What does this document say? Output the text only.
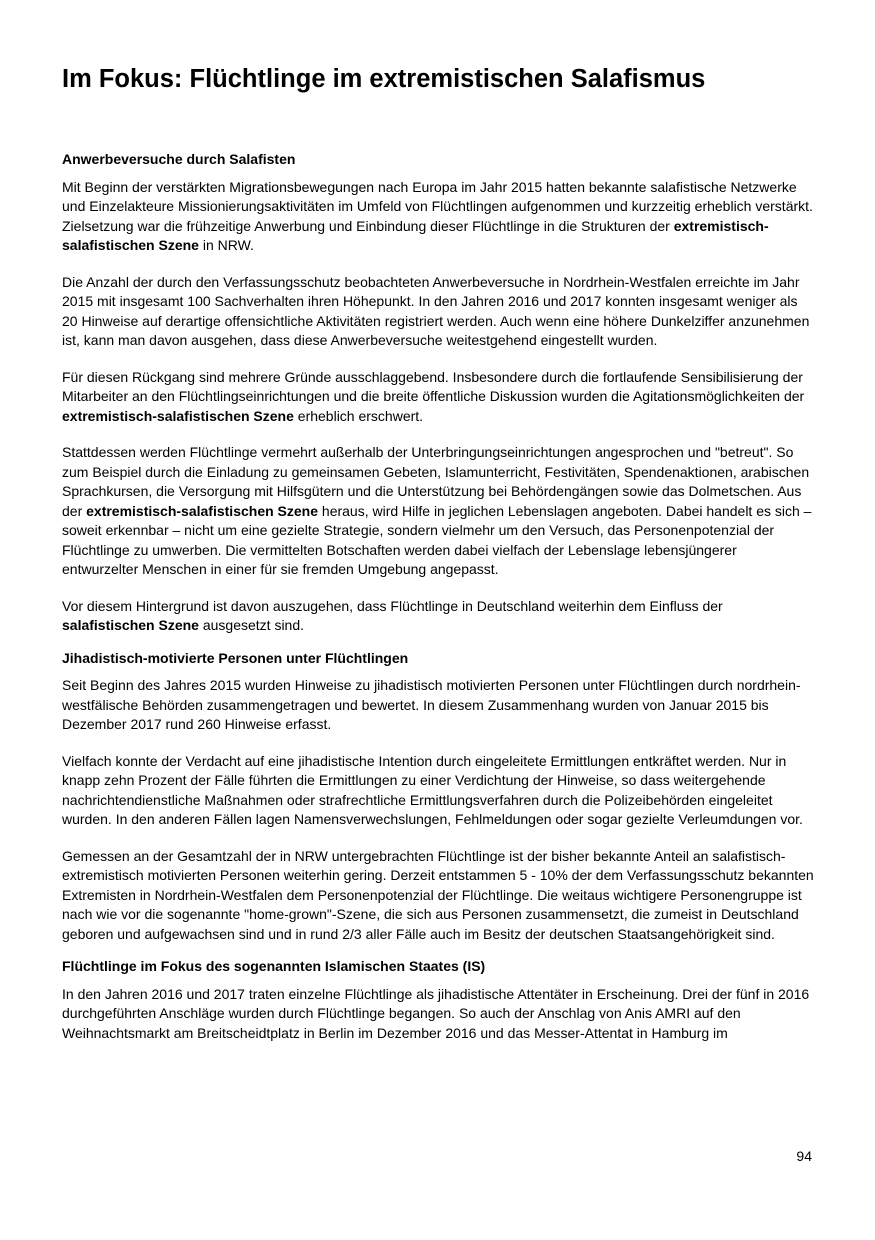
Im Fokus: Flüchtlinge im extremistischen Salafismus
Anwerbeversuche durch Salafisten

Mit Beginn der verstärkten Migrationsbewegungen nach Europa im Jahr 2015 hatten bekannte salafistische Netzwerke und Einzelakteure Missionierungsaktivitäten im Umfeld von Flüchtlingen aufgenommen und kurzzeitig erheblich verstärkt. Zielsetzung war die frühzeitige Anwerbung und Einbindung dieser Flüchtlinge in die Strukturen der extremistisch-salafistischen Szene in NRW.

Die Anzahl der durch den Verfassungsschutz beobachteten Anwerbeversuche in Nordrhein-Westfalen erreichte im Jahr 2015 mit insgesamt 100 Sachverhalten ihren Höhepunkt. In den Jahren 2016 und 2017 konnten insgesamt weniger als 20 Hinweise auf derartige offensichtliche Aktivitäten registriert werden. Auch wenn eine höhere Dunkelziffer anzunehmen ist, kann man davon ausgehen, dass diese Anwerbeversuche weitestgehend eingestellt wurden.

Für diesen Rückgang sind mehrere Gründe ausschlaggebend. Insbesondere durch die fortlaufende Sensibilisierung der Mitarbeiter an den Flüchtlingseinrichtungen und die breite öffentliche Diskussion wurden die Agitationsmöglichkeiten der extremistisch-salafistischen Szene erheblich erschwert.

Stattdessen werden Flüchtlinge vermehrt außerhalb der Unterbringungseinrichtungen angesprochen und "betreut". So zum Beispiel durch die Einladung zu gemeinsamen Gebeten, Islamunterricht, Festivitäten, Spendenaktionen, arabischen Sprachkursen, die Versorgung mit Hilfsgütern und die Unterstützung bei Behördengängen sowie das Dolmetschen. Aus der extremistisch-salafistischen Szene heraus, wird Hilfe in jeglichen Lebenslagen angeboten. Dabei handelt es sich – soweit erkennbar – nicht um eine gezielte Strategie, sondern vielmehr um den Versuch, das Personenpotenzial der Flüchtlinge zu umwerben. Die vermittelten Botschaften werden dabei vielfach der Lebenslage lebensjüngerer entwurzelter Menschen in einer für sie fremden Umgebung angepasst.

Vor diesem Hintergrund ist davon auszugehen, dass Flüchtlinge in Deutschland weiterhin dem Einfluss der salafistischen Szene ausgesetzt sind.

Jihadistisch-motivierte Personen unter Flüchtlingen

Seit Beginn des Jahres 2015 wurden Hinweise zu jihadistisch motivierten Personen unter Flüchtlingen durch nordrhein-westfälische Behörden zusammengetragen und bewertet. In diesem Zusammenhang wurden von Januar 2015 bis Dezember 2017 rund 260 Hinweise erfasst.

Vielfach konnte der Verdacht auf eine jihadistische Intention durch eingeleitete Ermittlungen entkräftet werden. Nur in knapp zehn Prozent der Fälle führten die Ermittlungen zu einer Verdichtung der Hinweise, so dass weitergehende nachrichtendienstliche Maßnahmen oder strafrechtliche Ermittlungsverfahren durch die Polizeibehörden eingeleitet wurden. In den anderen Fällen lagen Namensverwechslungen, Fehlmeldungen oder sogar gezielte Verleumdungen vor.

Gemessen an der Gesamtzahl der in NRW untergebrachten Flüchtlinge ist der bisher bekannte Anteil an salafistisch-extremistisch motivierten Personen weiterhin gering. Derzeit entstammen 5 - 10% der dem Verfassungsschutz bekannten Extremisten in Nordrhein-Westfalen dem Personenpotenzial der Flüchtlinge. Die weitaus wichtigere Personengruppe ist nach wie vor die sogenannte "home-grown"-Szene, die sich aus Personen zusammensetzt, die zumeist in Deutschland geboren und aufgewachsen sind und in rund 2/3 aller Fälle auch im Besitz der deutschen Staatsangehörigkeit sind.

Flüchtlinge im Fokus des sogenannten Islamischen Staates (IS)

In den Jahren 2016 und 2017 traten einzelne Flüchtlinge als jihadistische Attentäter in Erscheinung. Drei der fünf in 2016 durchgeführten Anschläge wurden durch Flüchtlinge begangen. So auch der Anschlag von Anis AMRI auf den Weihnachtsmarkt am Breitscheidtplatz in Berlin im Dezember 2016 und das Messer-Attentat in Hamburg im

94
